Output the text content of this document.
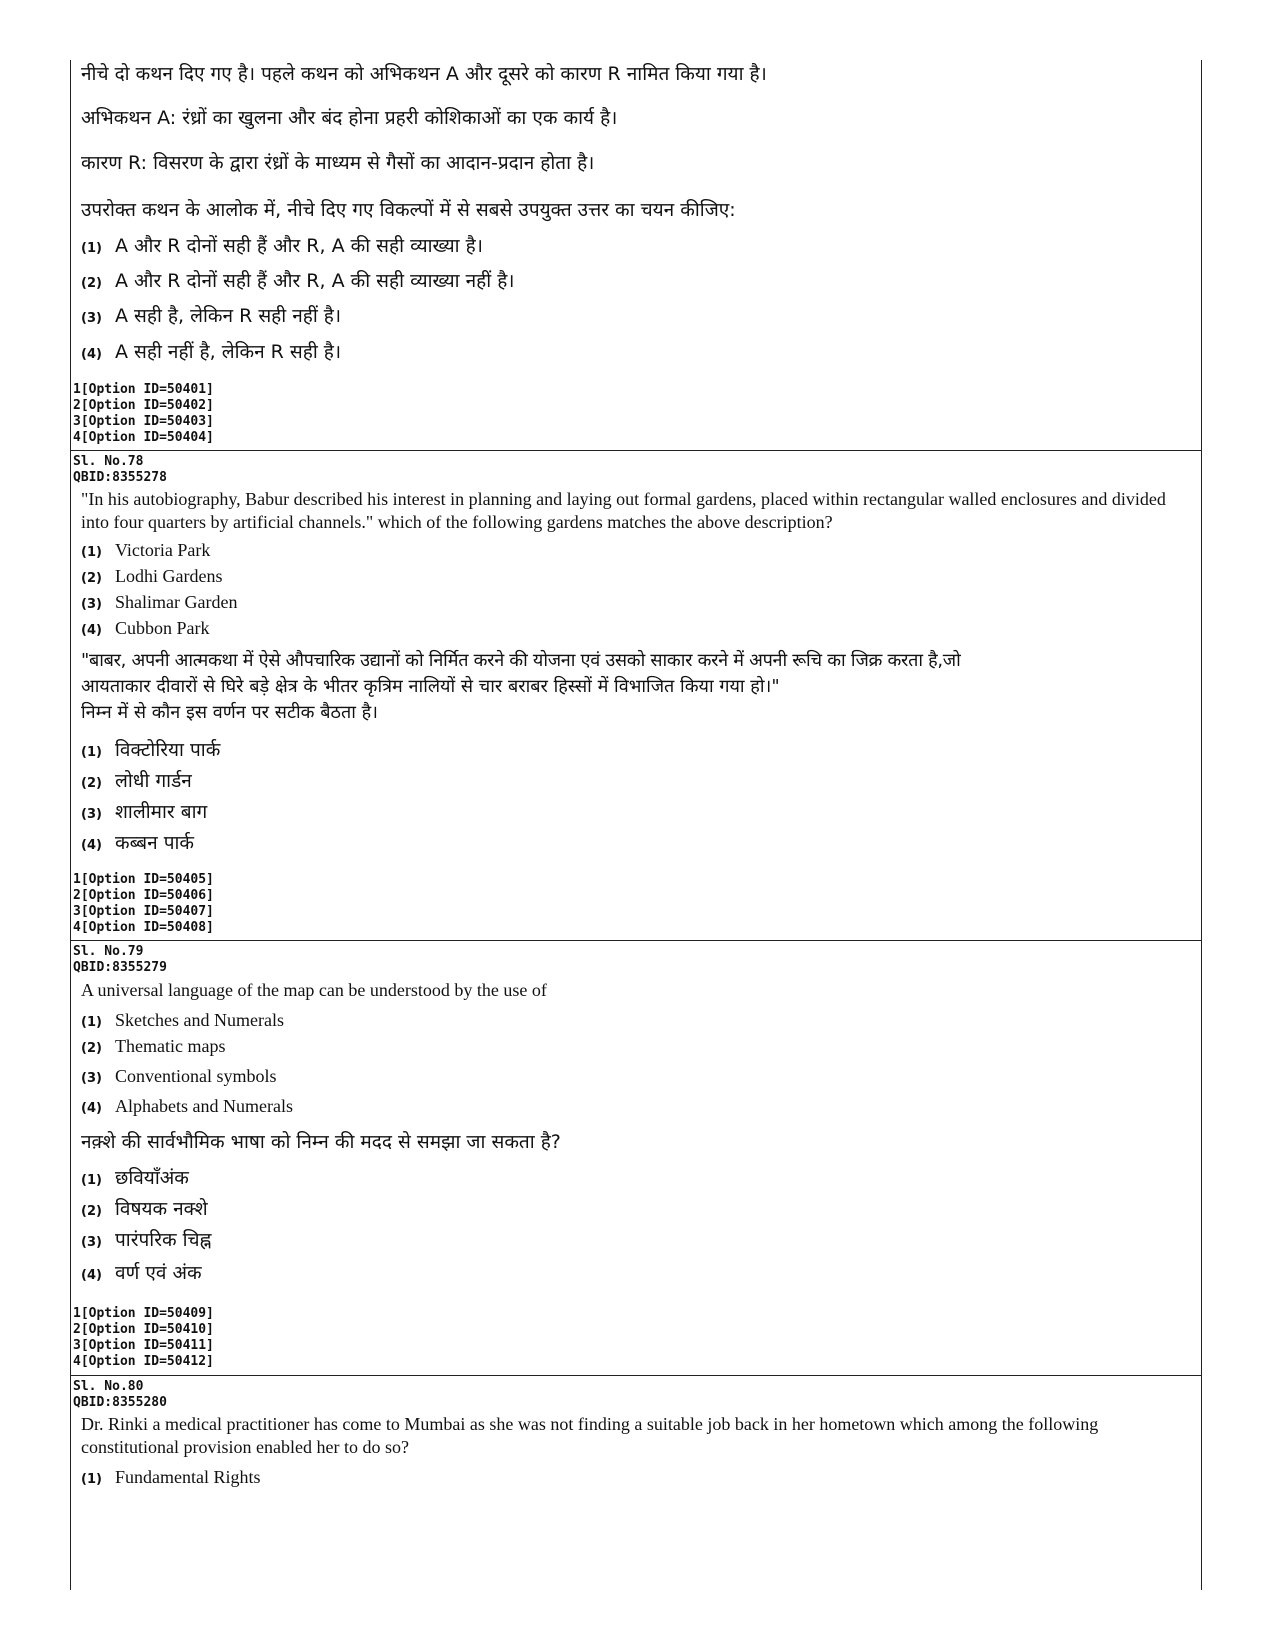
नीचे दो कथन दिए गए है। पहले कथन को अभिकथन A और दूसरे को कारण R नामित किया गया है।

अभिकथन A: रंध्रों का खुलना और बंद होना प्रहरी कोशिकाओं का एक कार्य है।

कारण R: विसरण के द्वारा रंध्रों के माध्यम से गैसों का आदान-प्रदान होता है।

उपरोक्त कथन के आलोक में, नीचे दिए गए विकल्पों में से सबसे उपयुक्त उत्तर का चयन कीजिए:

(1) A और R दोनों सही हैं और R, A की सही व्याख्या है।
(2) A और R दोनों सही हैं और R, A की सही व्याख्या नहीं है।
(3) A सही है, लेकिन R सही नहीं है।
(4) A सही नहीं है, लेकिन R सही है।
1[Option ID=50401]
2[Option ID=50402]
3[Option ID=50403]
4[Option ID=50404]
Sl. No.78
QBID:8355278

"In his autobiography, Babur described his interest in planning and laying out formal gardens, placed within rectangular walled enclosures and divided into four quarters by artificial channels." which of the following gardens matches the above description?

(1) Victoria Park
(2) Lodhi Gardens
(3) Shalimar Garden
(4) Cubbon Park

"बाबर, अपनी आत्मकथा में ऐसे औपचारिक उद्यानों को निर्मित करने की योजना एवं उसको साकार करने में अपनी रूचि का जिक्र करता है,जो

आयताकार दीवारों से घिरे बड़े क्षेत्र के भीतर कृत्रिम नालियों से चार बराबर हिस्सों में विभाजित किया गया हो।"

निम्न में से कौन इस वर्णन पर सटीक बैठता है।

(1) विक्टोरिया पार्क
(2) लोधी गार्डन
(3) शालीमार बाग
(4) कब्बन पार्क
1[Option ID=50405]
2[Option ID=50406]
3[Option ID=50407]
4[Option ID=50408]
Sl. No.79
QBID:8355279

A universal language of the map can be understood by the use of

(1) Sketches and Numerals
(2) Thematic maps
(3) Conventional symbols
(4) Alphabets and Numerals

नक़्शे की सार्वभौमिक भाषा को निम्न की मदद से समझा जा सकता है?

(1) छवियाँअंक
(2) विषयक नक्शे
(3) पारंपरिक चिह्न
(4) वर्ण एवं अंक
1[Option ID=50409]
2[Option ID=50410]
3[Option ID=50411]
4[Option ID=50412]
Sl. No.80
QBID:8355280

Dr. Rinki a medical practitioner has come to Mumbai as she was not finding a suitable job back in her hometown which among the following constitutional provision enabled her to do so?

(1) Fundamental Rights
